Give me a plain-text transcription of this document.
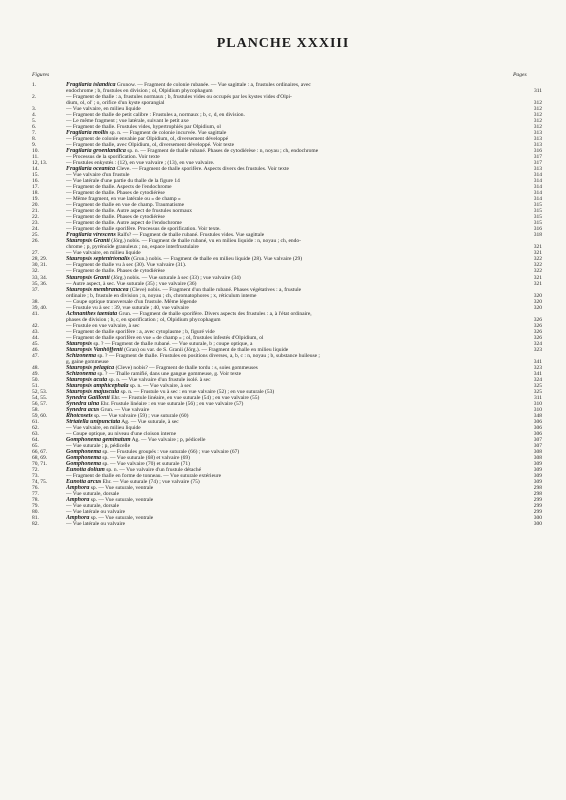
PLANCHE XXXIII
Figures	Pages
1.	Fragilaria islandica Grunow. — Fragment de colonie rubanée. — Vue sagittale : a, frustules ordinaires, avec
endochrome ; b, frustules en division ; ol, Olpidium phycophagum	311
2.	— Fragment de thalle : a, frustules normaux ; b, frustules vides ou occupés par les kystes vides d'Olpi-
dium, ol, ol' ; o, orifice d'un kyste sporangial	312
3.	— Vue valvaire, en milieu liquide	312
4.	— Fragment de thalle de petit calibre : Frustules a, normaux ; b, c, d, en division.	312
5.	— Le même fragment ; vue latérale, suivant le petit axe	312
6.	— Fragment de thalle. Frustules vides, hypertrophiés par Olpidium, ol	312
7.	Fragilaria mollis sp. n. — Fragment de colonie incurvée. Vue sagittale	313
8.	— Fragment de colonie envahie par Olpidium, ol, diversement développé	313
9.	— Fragment de thalle, avec Olpidium, ol, diversement développé. Voir texte	313
10.	Fragilaria groenlandica sp. n. — Fragment de thalle rubané. Phases de cytodiérèse : n, noyau ; ch, endochrome	316
11.	— Processus de la sporification. Voir texte	317
12, 13.	— Frustules enkystés : (12), en vue valvaire ; (13), en vue valvaire.	317
14.	Fragilaria oceanica Cleve. — Fragment de thalle sporifère. Aspects divers des frustules. Voir texte	313
15.	— Vue valvaire d'un frustule	314
16.	— Vue latérale d'une partie du thalle de la figure 14	314
17.	— Fragment de thalle. Aspects de l'endochrome	314
18.	— Fragment de thalle. Phases de cytodiérèse	314
19.	— Même fragment, en vue latérale ou « de champ »	314
20.	— Fragment de thalle en vue de champ. Traumatisme	315
21.	— Fragment de thalle. Autre aspect de frustules normaux	315
22.	— Fragment de thalle. Phases de cytodiérèse	315
23.	— Fragment de thalle. Autre aspect de l'endochrome	315
24.	— Fragment de thalle sporifère. Processus de sporification. Voir texte.	316
25.	Fragilaria virescens Ralfs? — Fragment de thalle rubané. Frustules vides. Vue sagittale	318
26.	Stauropsis Granii (Jörg.) nobis. — Fragment de thalle rubané, vu en milieu liquide : n, noyau ; ch, endo-
chrome ; p, pyrénoïde granuleux ; no, espace interfrustulaire	321
27.	— Vue valvaire, en milieu liquide	321
28, 29.	Stauropsis septentrionalis (Grun.) nobis. — Fragment de thalle en milieu liquide (28). Vue valvaire (29)	322
30, 31.	— Fragment de thalle vu à sec (30). Vue valvaire (31).	322
32.	— Fragment de thalle. Phases de cytodiérèse	322
33, 34.	Stauropsis Granii (Jörg.) nobis. — Vue suturale à sec (33) ; vue valvaire (34)	321
35, 36.	— Autre aspect, à sec. Vue suturale (35) ; vue valvaire (36)	321
37.	Stauropsis membranacea (Cleve) nobis. — Fragment d'un thalle rubané. Phases végétatives : a, frustule
ordinaire ; b, frustule en division ; n, noyau ; ch, chromatophores ; x, réticulum interne	320
38.	— Coupe optique transversale d'un frustule. Même légende	320
39, 40.	— Frustule vu à sec : 39, vue suturale ; 40, vue valvaire	320
41.	Achnanthes taeniata Grun. — Fragment de thalle sporifère. Divers aspects des frustules : a, à l'état ordinaire,
phases de division ; b, c, en sporification ; ol, Olpidium phycophagum	326
42.	— Frustule en vue valvaire, à sec	326
43.	— Fragment de thalle sporifère : a, avec cytoplasme ; b, figuré vide	326
44.	— Fragment de thalle sporifère en vue « de champ » ; ol, frustules infestés d'Olpidium, ol	326
45.	Stauropsis sp. ? — Fragment de thalle rubané. — Vue suturale, b ; coupe optique, a	324
46.	Stauropsis Vanhöffenii (Gran) ou var. de S. Granii (Jörg.). — Fragment de thalle en milieu liquide	323
47.	Schizonema sp. ? — Fragment de thalle. Frustules en positions diverses, a, b, c : n, noyau ; b, substance huileuse ;
g, gaine gommeuse	341
48.	Stauropsis pelagica (Cleve) nobis? — Fragment de thalle tordu : s, soies gommeuses	323
49.	Schizonema sp. ? — Thalle ramifié, dans une gangue gommeuse, g. Voir texte	341
50.	Stauropsis acuta sp. n. — Vue valvaire d'un frustule isolé. à sec	324
51.	Stauropsis amphicephala sp. n. — Vue valvaire, à sec	325
52, 53.	Stauropsis majuscula sp. n. — Frustule vu à sec : en vue valvaire (52) ; en vue suturale (53)	325
54, 55.	Synedra Gaillonii Ehr. — Frustule linéaire, en vue suturale (54) ; en vue valvaire (55)	311
56, 57.	Synedra ulna Ehr. Frustule linéaire : en vue suturale (56) ; en vue valvaire (57)	310
58.	Synedra acus Grun. — Vue valvaire	310
59, 60.	Rhoicoseis sp. — Vue valvaire (59) ; vue suturale (60)	348
61.	Striatella unipunctata Ag. — Vue suturale, à sec	306
62.	— Vue valvaire, en milieu liquide	306
63.	— Coupe optique, au niveau d'une cloison interne	306
64.	Gomphonema geminatum Ag. — Vue valvaire ; p, pédicelle	307
65.	— Vue suturale ; p, pédicelle	307
66, 67.	Gomphonema sp. — Frustules groupés : vue suturale (66) ; vue valvaire (67)	308
68, 69.	Gomphonema sp. — Vue suturale (68) et valvaire (69)	308
70, 71.	Gomphonema sp. — Vue valvaire (70) et suturale (71)	309
72.	Eunotia dolium sp. n. — Vue valvaire d'un frustule détaché	309
73.	— Fragment de thalle en forme de tonneau. — Vue suturale extérieure	309
74, 75.	Eunotia arcus Ehr. — Vue suturale (74) ; vue valvaire (75)	309
76.	Amphora sp. — Vue suturale, ventrale	298
77.	— Vue suturale, dorsale	298
78.	Amphora sp. — Vue suturale, ventrale	299
79.	— Vue suturale, dorsale	299
80.	— Vue latérale ou valvaire	299
81.	Amphora sp. — Vue suturale, ventrale	300
82.	— Vue latérale ou valvaire	300
